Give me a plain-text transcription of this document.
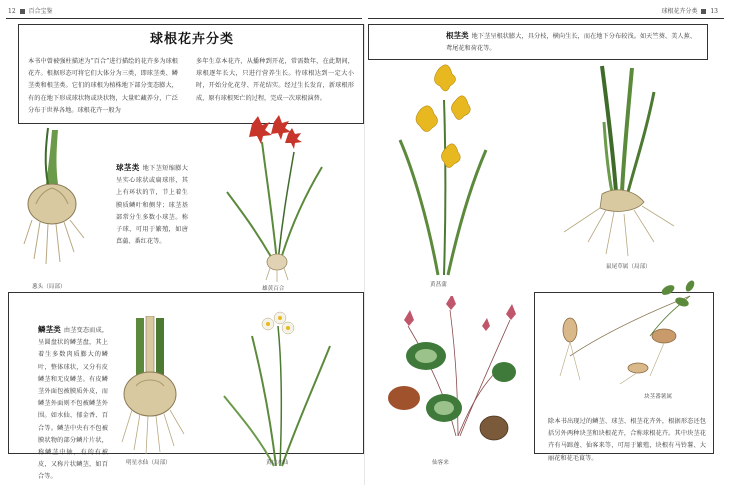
12 百合宝鉴	球根花卉分类 13
球根花卉分类
本书中曾被强柱描述为“百合”进行描绘的花卉多为球根花卉。根据形态可将它们大体分为三类，即球茎类、鳞茎类和根茎类。它们的球根为植株地下部分变态膨大，有的在地下形成球状物或块状物，大量贮藏养分，广泛分布于世界各地。球根花卉一般为
多年生草本花卉，从播种到开花，常需数年，在此期间，球根逐年长大，只进行营养生长。待球根达到一定大小时，开始分化花芽、开花结实。经过生长发育，新球根形成，原有球根死亡的过程，完成一次球根演替。
球茎类 地下茎短缩膨大呈实心球状或扁球形，其上有环状的节，节上着生膜质鳞叶和侧芽；球茎基部常分生多数小球茎。称子球，可用于繁殖，如唐菖蒲、番红花等。
鳞茎类 由茎变态而成，呈圆盘状的鳞茎盘，其上着生多数肉质膨大的鳞叶，整体球状，又分有皮鳞茎和无皮鳞茎。有皮鳞茎外面包被膜质外皮，而鳞茎外面则不包被鳞茎外围。如水仙、郁金香、百合等。鳞茎中央有不包被膜状物的部分鳞片片状，称鳞茎中轴，有的有被皮，又称片状鳞茎，如百合等。
根茎类 地下茎呈根状膨大，具分枝，横向生长，而在地下分布较浅。如天竺葵、美人蕉、鸢尾花和荷花等。
除本书出现过的鳞茎、球茎、根茎花卉外，根据形态还包括另外两种块茎和块根花卉，合称球根花卉。其中块茎花卉有马蹄莲、仙客来等，可用于繁殖，块根有马铃薯、大丽花和花毛茛等。
葱头（局部）	雄黄百合
黄菖蒲
鼠尾草属（局部）
明星水仙（局部）	黄口水仙	仙客来
块茎番薯属
